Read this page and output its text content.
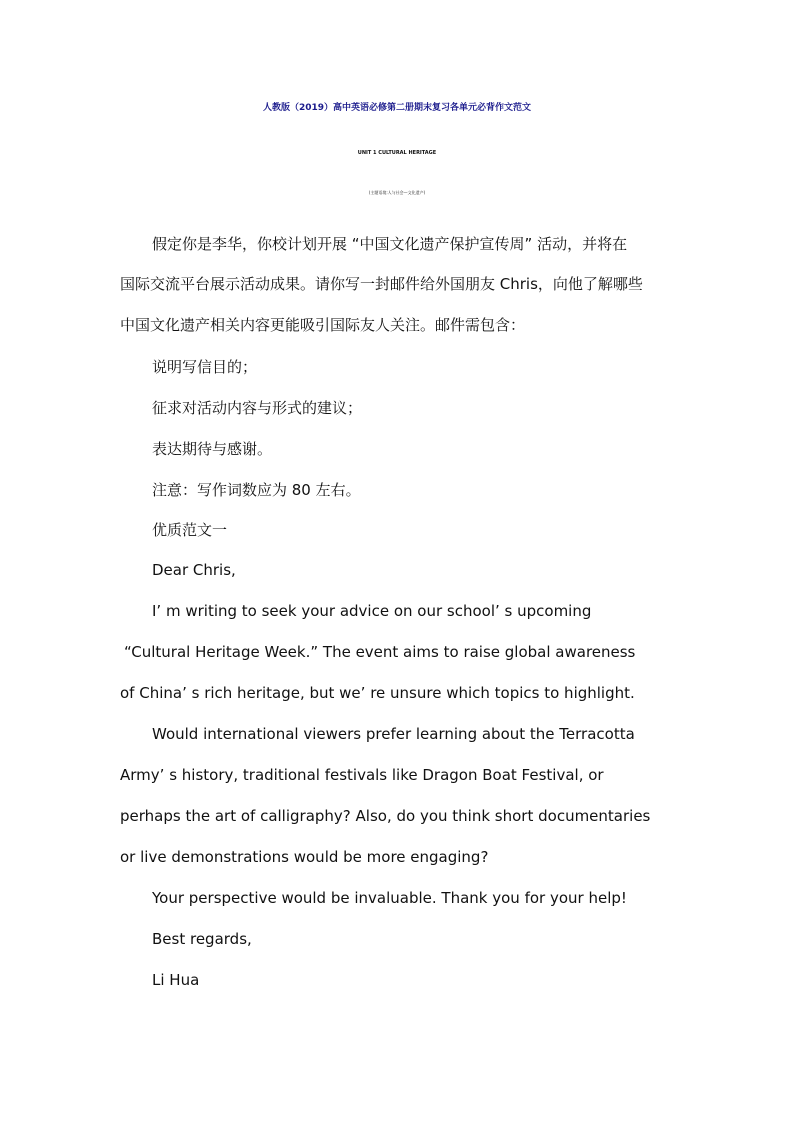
人教版（2019）高中英语必修第二册期末复习各单元必背作文范文
UNIT 1 CULTURAL HERITAGE
(主题语境:人与社会—文化遗产)
假定你是李华，你校计划开展 “中国文化遗产保护宣传周” 活动，并将在
国际交流平台展示活动成果。请你写一封邮件给外国朋友 Chris，向他了解哪些
中国文化遗产相关内容更能吸引国际友人关注。邮件需包含：
说明写信目的；
征求对活动内容与形式的建议；
表达期待与感谢。
注意：写作词数应为 80 左右。
优质范文一
Dear Chris,
I’ m writing to seek your advice on our school’ s upcoming
“Cultural Heritage Week.” The event aims to raise global awareness
of China’ s rich heritage, but we’ re unsure which topics to highlight.
Would international viewers prefer learning about the Terracotta
Army’ s history, traditional festivals like Dragon Boat Festival, or
perhaps the art of calligraphy? Also, do you think short documentaries
or live demonstrations would be more engaging?
Your perspective would be invaluable. Thank you for your help!
Best regards,
Li Hua
